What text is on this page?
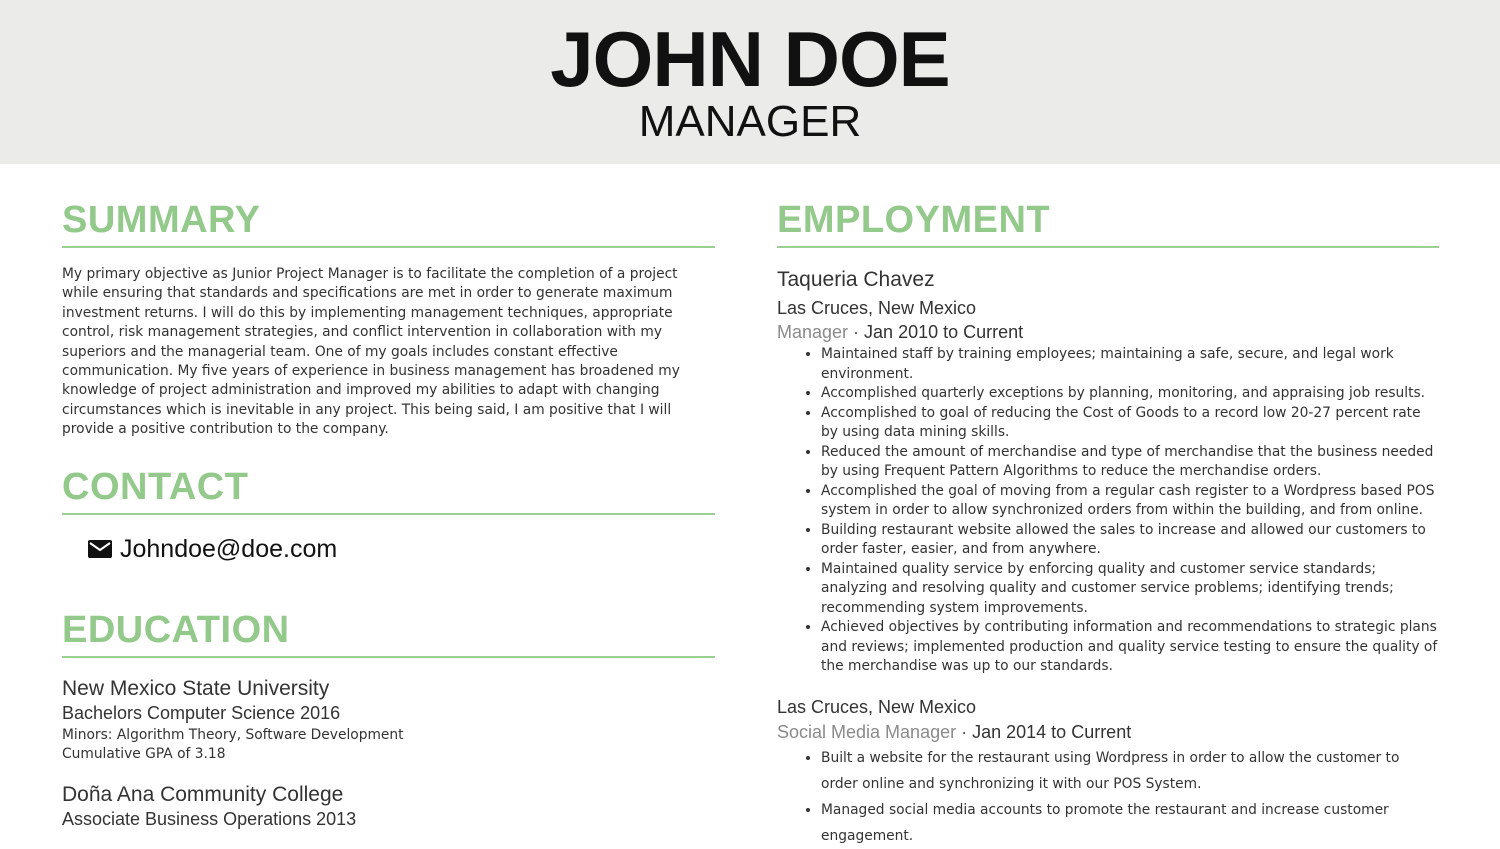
JOHN DOE
MANAGER
SUMMARY
My primary objective as Junior Project Manager is to facilitate the completion of a project while ensuring that standards and specifications are met in order to generate maximum investment returns. I will do this by implementing management techniques, appropriate control, risk management strategies, and conflict intervention in collaboration with my superiors and the managerial team. One of my goals includes constant effective communication. My five years of experience in business management has broadened my knowledge of project administration and improved my abilities to adapt with changing circumstances which is inevitable in any project. This being said, I am positive that I will provide a positive contribution to the company.
CONTACT
Johndoe@doe.com
EDUCATION
New Mexico State University
Bachelors Computer Science 2016
Minors: Algorithm Theory, Software Development
Cumulative GPA of 3.18
Doña Ana Community College
Associate Business Operations 2013
EMPLOYMENT
Taqueria Chavez
Las Cruces, New Mexico
Manager · Jan 2010 to Current
• Maintained staff by training employees; maintaining a safe, secure, and legal work environment.
• Accomplished quarterly exceptions by planning, monitoring, and appraising job results.
• Accomplished to goal of reducing the Cost of Goods to a record low 20-27 percent rate by using data mining skills.
• Reduced the amount of merchandise and type of merchandise that the business needed by using Frequent Pattern Algorithms to reduce the merchandise orders.
• Accomplished the goal of moving from a regular cash register to a Wordpress based POS system in order to allow synchronized orders from within the building, and from online.
• Building restaurant website allowed the sales to increase and allowed our customers to order faster, easier, and from anywhere.
• Maintained quality service by enforcing quality and customer service standards; analyzing and resolving quality and customer service problems; identifying trends; recommending system improvements.
• Achieved objectives by contributing information and recommendations to strategic plans and reviews; implemented production and quality service testing to ensure the quality of the merchandise was up to our standards.
Las Cruces, New Mexico
Social Media Manager · Jan 2014 to Current
• Built a website for the restaurant using Wordpress in order to allow the customer to order online and synchronizing it with our POS System.
• Managed social media accounts to promote the restaurant and increase customer engagement.
